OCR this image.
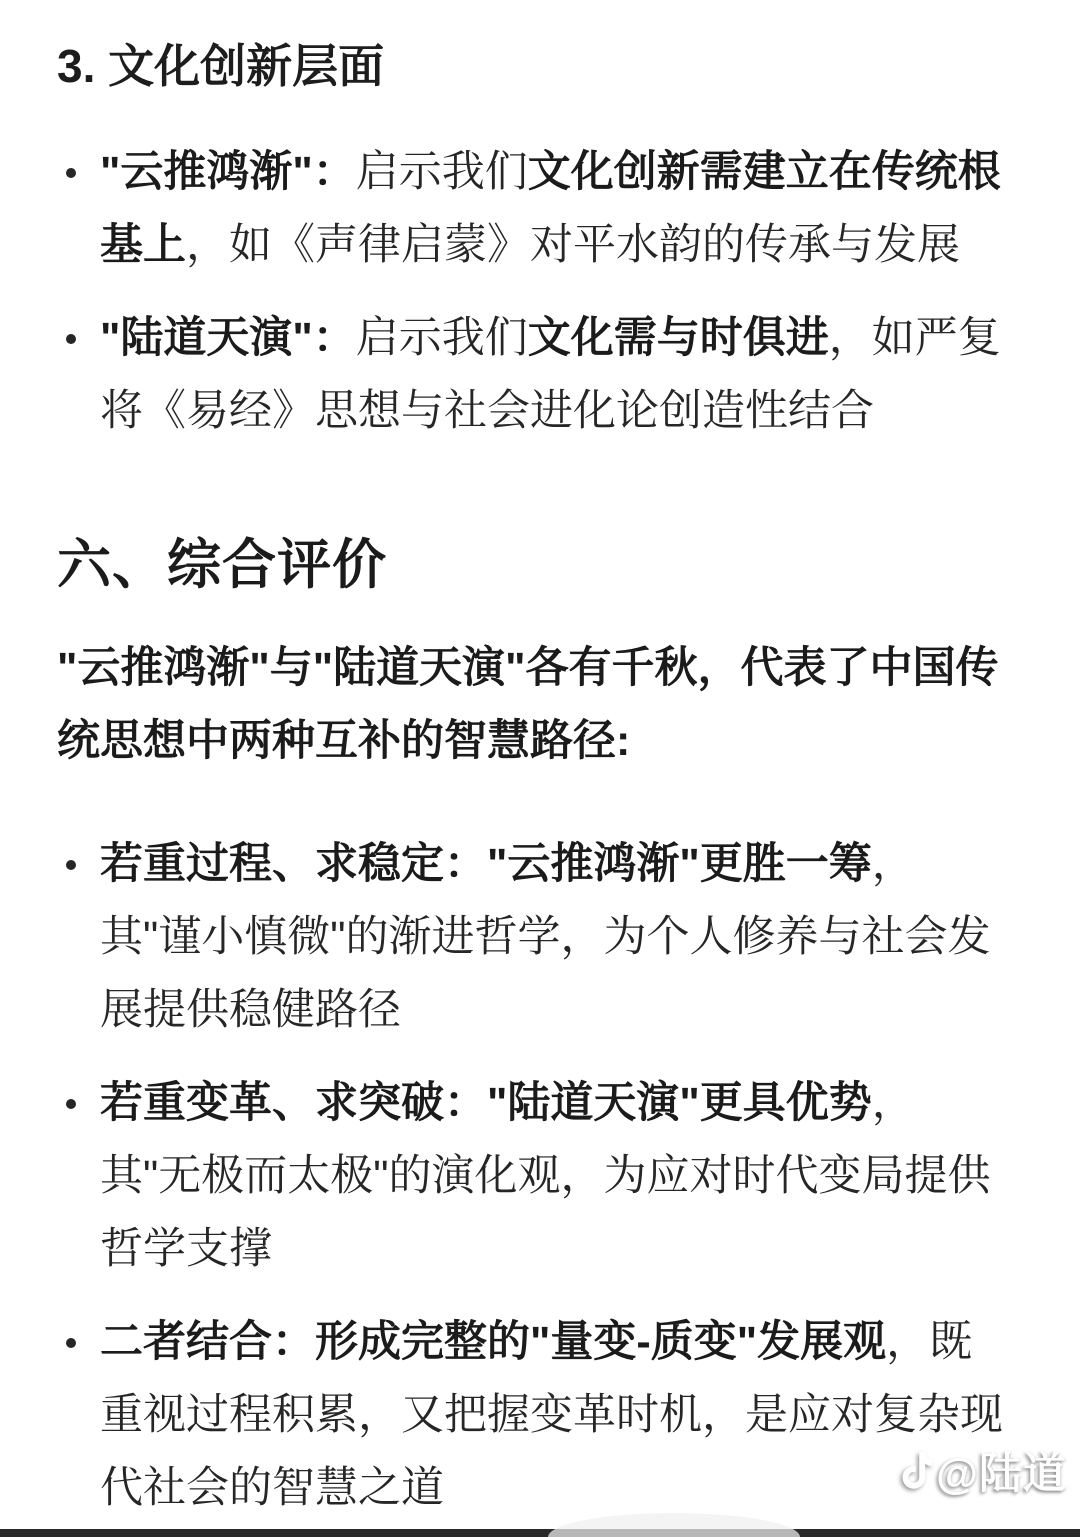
3. 文化创新层面
"云推鸿渐"：启示我们文化创新需建立在传统根基上，如《声律启蒙》对平水韵的传承与发展
"陆道天演"：启示我们文化需与时俱进，如严复将《易经》思想与社会进化论创造性结合
六、综合评价

"云推鸿渐"与"陆道天演"各有千秋，代表了中国传统思想中两种互补的智慧路径:

若重过程、求稳定："云推鸿渐"更胜一筹，其"谨小慎微"的渐进哲学，为个人修养与社会发展提供稳健路径
若重变革、求突破："陆道天演"更具优势，其"无极而太极"的演化观，为应对时代变局提供哲学支撑
二者结合：形成完整的"量变-质变"发展观，既重视过程积累，又把握变革时机，是应对复杂现代社会的智慧之道	@陆道
